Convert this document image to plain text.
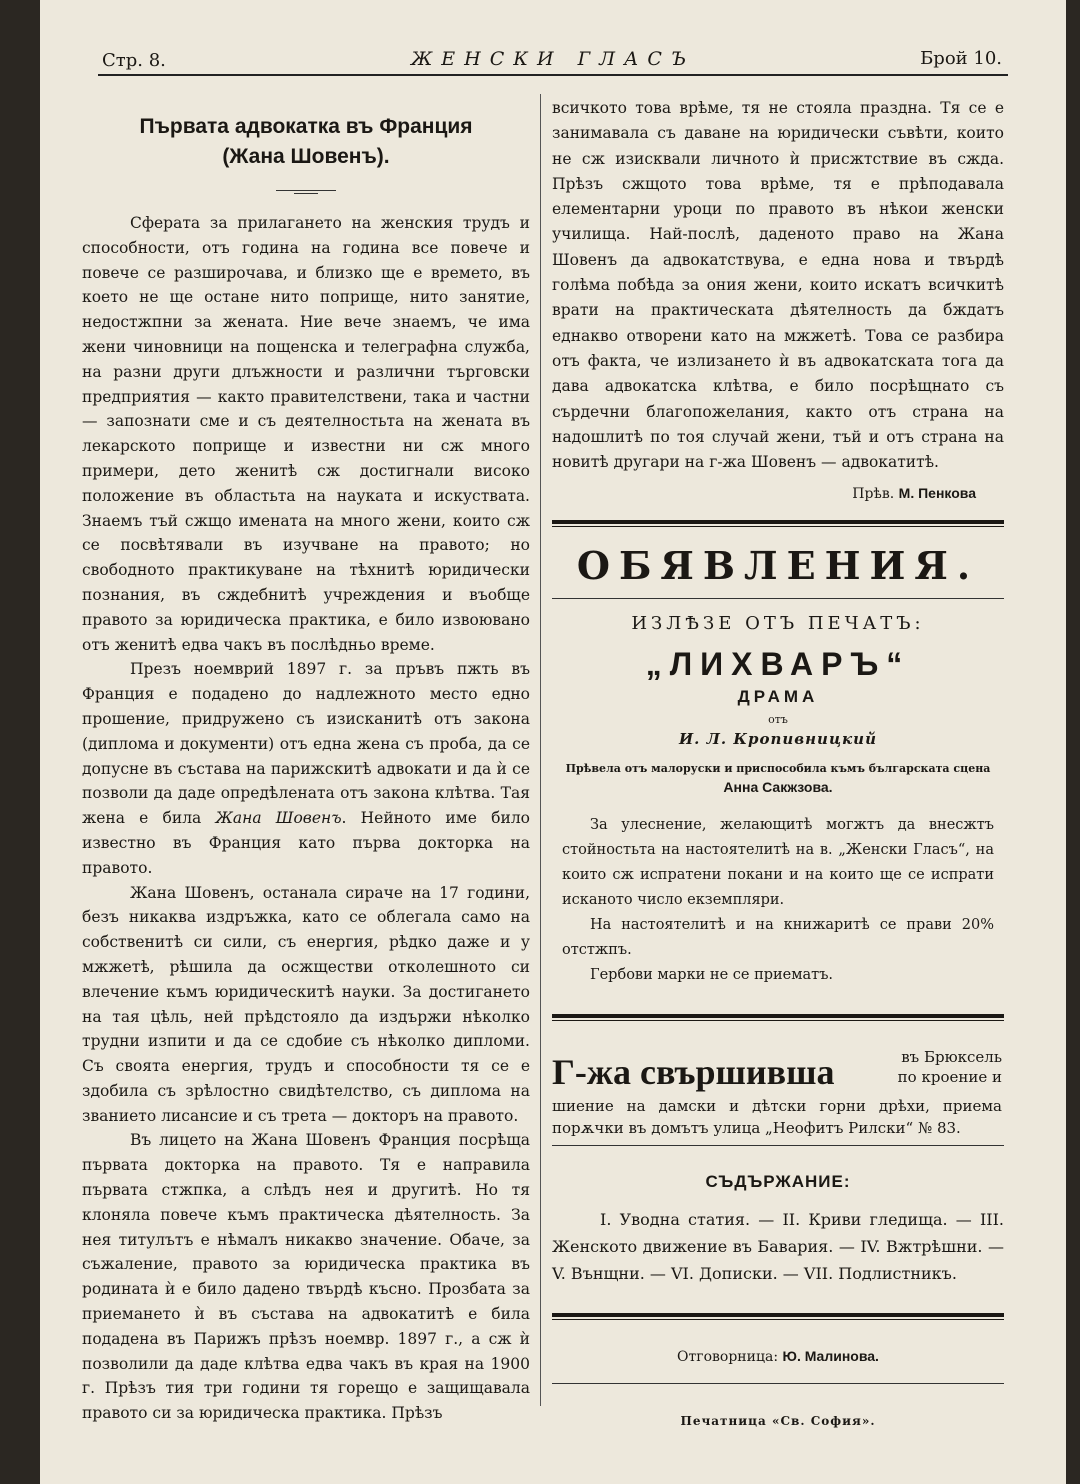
Стр. 8.	ЖЕНСКИ ГЛАСЪ	Брой 10.
Първата адвокатка въ Франция
(Жана Шовенъ).

Сферата за прилагането на женския трудъ и способности, отъ година на година все повече и повече се разширочава, и близко ще е времето, въ което не ще остане нито поприще, нито занятие, недостжпни за жената. Ние вече знаемъ, че има жени чиновници на пощенска и телеграфна служба, на разни други длъжности и различни търговски предприятия — както правителствени, така и частни — запознати сме и съ деятелностьта на жената въ лекарското поприще и известни ни сж много примери, дето женитѣ сж достигнали високо положение въ областьта на науката и искуствата. Знаемъ тъй сжщо имената на много жени, които сж се посвѣтявали въ изучване на правото; но свободното практикуване на тѣхнитѣ юридически познания, въ сждебнитѣ учреждения и въобще правото за юридическа практика, е било извоювано отъ женитѣ едва чакъ въ послѣдньо време.

Презъ ноемврий 1897 г. за пръвъ пжть въ Франция е подадено до надлежното место едно прошение, придружено съ изисканитѣ отъ закона (диплома и документи) отъ една жена съ проба, да се допусне въ състава на парижскитѣ адвокати и да ѝ се позволи да даде опредѣлената отъ закона клѣтва. Тая жена е била Жана Шовенъ. Нейното име било известно въ Франция като първа докторка на правото.

Жана Шовенъ, останала сираче на 17 години, безъ никаква издръжка, като се облегала само на собственитѣ си сили, съ енергия, рѣдко даже и у мжжетѣ, рѣшила да осжществи отколешното си влечение къмъ юридическитѣ науки. За достигането на тая цѣль, ней прѣдстояло да издържи нѣколко трудни изпити и да се сдобие съ нѣколко дипломи. Съ своята енергия, трудъ и способности тя се е здобила съ зрѣлостно свидѣтелство, съ диплома на званието лисансие и съ трета — докторъ на правото.

Въ лицето на Жана Шовенъ Франция посрѣща първата докторка на правото. Тя е направила първата стжпка, а слѣдъ нея и другитѣ. Но тя клоняла повече къмъ практическа дѣятелность. За нея титулътъ е нѣмалъ никакво значение. Обаче, за съжаление, правото за юридическа практика въ родината ѝ е било дадено твърдѣ късно. Прозбата за приемането ѝ въ състава на адвокатитѣ е била подадена въ Парижъ прѣзъ ноемвр. 1897 г., а сж ѝ позволили да даде клѣтва едва чакъ въ края на 1900 г. Прѣзъ тия три години тя горещо е защищавала правото си за юридическа практика. Прѣзъ

всичкото това врѣме, тя не стояла праздна. Тя се е занимавала съ даване на юридически съвѣти, които не сж изисквали личното ѝ присжтствие въ сжда. Прѣзъ сжщото това врѣме, тя е прѣподавала елементарни уроци по правото въ нѣкои женски училища. Най-послѣ, даденото право на Жана Шовенъ да адвокатствува, е една нова и твърдѣ голѣма побѣда за ония жени, които искатъ всичкитѣ врати на практическата дѣятелность да бждатъ еднакво отворени като на мжжетѣ. Това се разбира отъ факта, че излизането ѝ въ адвокатската тога да дава адвокатска клѣтва, е било посрѣщнато съ сърдечни благопожелания, както отъ страна на надошлитѣ по тоя случай жени, тъй и отъ страна на новитѣ другари на г-жа Шовенъ — адвокатитѣ.

Прѣв. М. Пенкова
ОБЯВЛЕНИЯ.
ИЗЛѢЗЕ ОТЪ ПЕЧАТЪ:
„ЛИХВАРЪ“
ДРАМА
отъ
И. Л. Кропивницкий
Прѣвела отъ малоруски и приспособила къмъ българската сцена
Анна Сакжзова.

За улеснение, желающитѣ могжтъ да внесжтъ стойностьта на настоятелитѣ на в. „Женски Гласъ“, на които сж испратени покани и на които ще се испрати исканото число екземпляри.

На настоятелитѣ и на книжаритѣ се прави 20% отстжпъ.

Гербови марки не се приематъ.

Г-жа свършивша	въ Брюксель по кроение и
шиение на дамски и дѣтски горни дрѣхи, приема порѫчки въ домътъ улица „Неофитъ Рилски“ № 83.
СЪДЪРЖАНИЕ:
I. Уводна статия. — II. Криви гледища. — III. Женското движение въ Бавария. — IV. Вжтрѣшни. — V. Вънщни. — VI. Дописки. — VII. Подлистникъ.
Отговорница: Ю. Малинова.
Печатница «Св. София».
